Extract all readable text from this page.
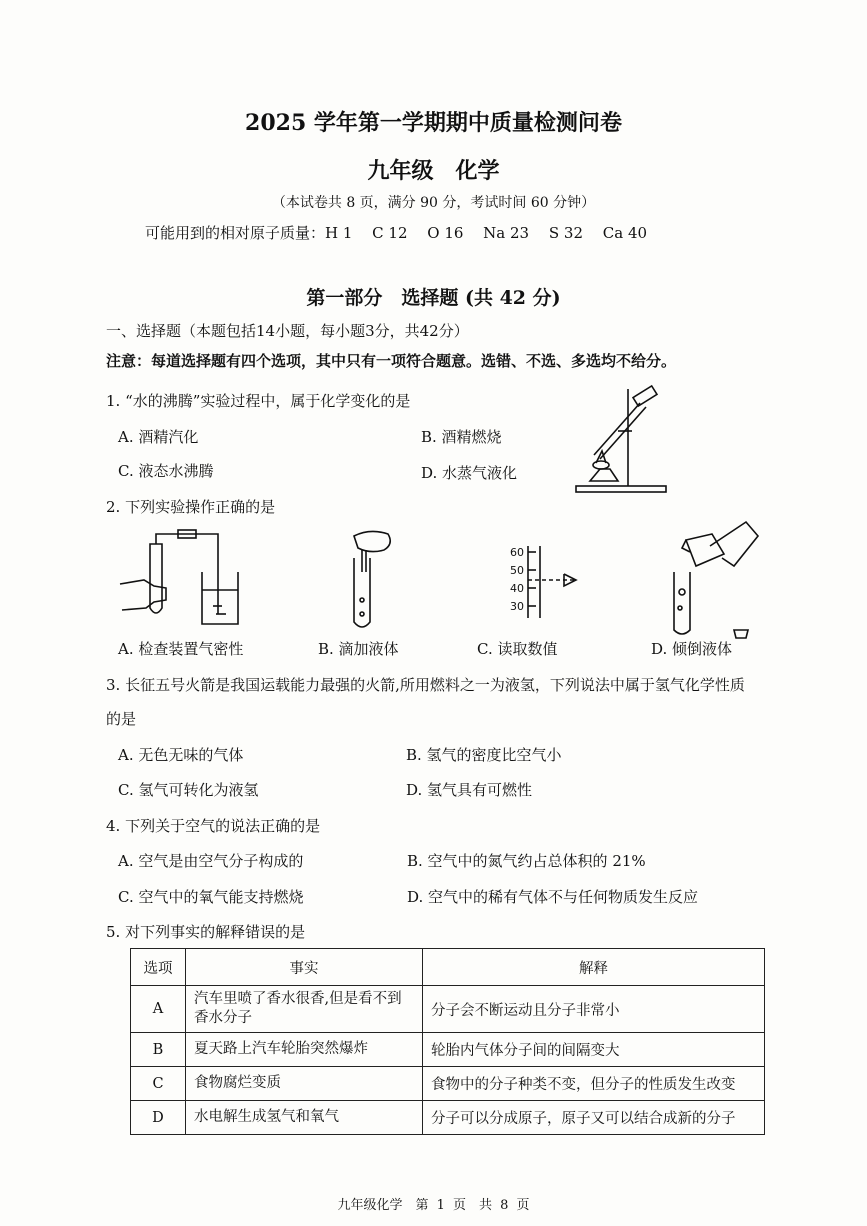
2025 学年第一学期期中质量检测问卷
九年级　化学
（本试卷共 8 页，满分 90 分，考试时间 60 分钟）
可能用到的相对原子质量：H 1　 C 12　 O 16　 Na 23　 S 32　 Ca 40
第一部分　选择题 (共 42 分)
一、选择题（本题包括14小题，每小题3分，共42分）
注意：每道选择题有四个选项，其中只有一项符合题意。选错、不选、多选均不给分。
1. “水的沸腾”实验过程中，属于化学变化的是
A. 酒精汽化	B. 酒精燃烧
C. 液态水沸腾	D. 水蒸气液化
2. 下列实验操作正确的是
60
50
40
30
A. 检查装置气密性	B. 滴加液体	C. 读取数值	D. 倾倒液体
3. 长征五号火箭是我国运载能力最强的火箭,所用燃料之一为液氢，下列说法中属于氢气化学性质
的是
A. 无色无味的气体	B. 氢气的密度比空气小
C. 氢气可转化为液氢	D. 氢气具有可燃性
4. 下列关于空气的说法正确的是
A. 空气是由空气分子构成的	B. 空气中的氮气约占总体积的 21%
C. 空气中的氧气能支持燃烧	D. 空气中的稀有气体不与任何物质发生反应
5. 对下列事实的解释错误的是
选项	事实	解释
A	汽车里喷了香水很香,但是看不到香水分子	分子会不断运动且分子非常小
B	夏天路上汽车轮胎突然爆炸	轮胎内气体分子间的间隔变大
C	食物腐烂变质	食物中的分子种类不变，但分子的性质发生改变
D	水电解生成氢气和氧气	分子可以分成原子，原子又可以结合成新的分子
九年级化学　第 1 页　共 8 页
